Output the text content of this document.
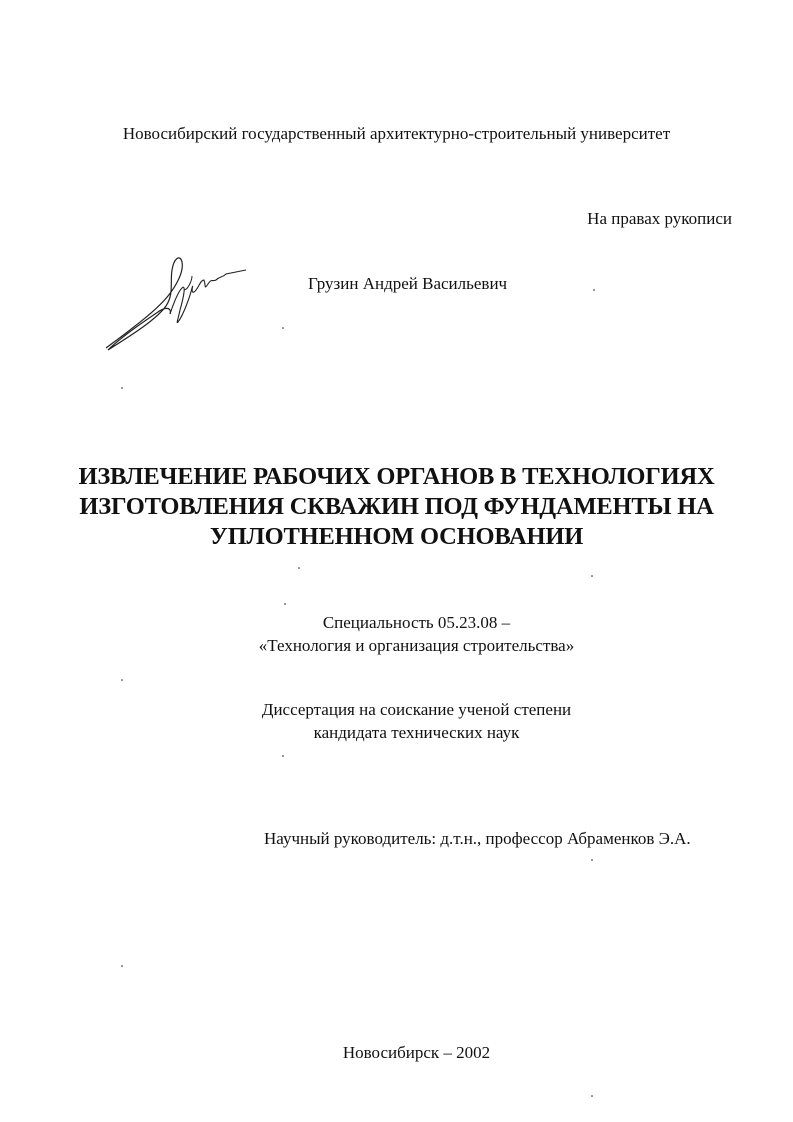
Новосибирский государственный архитектурно-строительный университет
На правах рукописи
Грузин Андрей Васильевич
ИЗВЛЕЧЕНИЕ РАБОЧИХ ОРГАНОВ В ТЕХНОЛОГИЯХ
ИЗГОТОВЛЕНИЯ СКВАЖИН ПОД ФУНДАМЕНТЫ НА
УПЛОТНЕННОМ ОСНОВАНИИ
Специальность 05.23.08 –
«Технология и организация строительства»
Диссертация на соискание ученой степени
кандидата технических наук
Научный руководитель: д.т.н., профессор Абраменков Э.А.
Новосибирск – 2002
